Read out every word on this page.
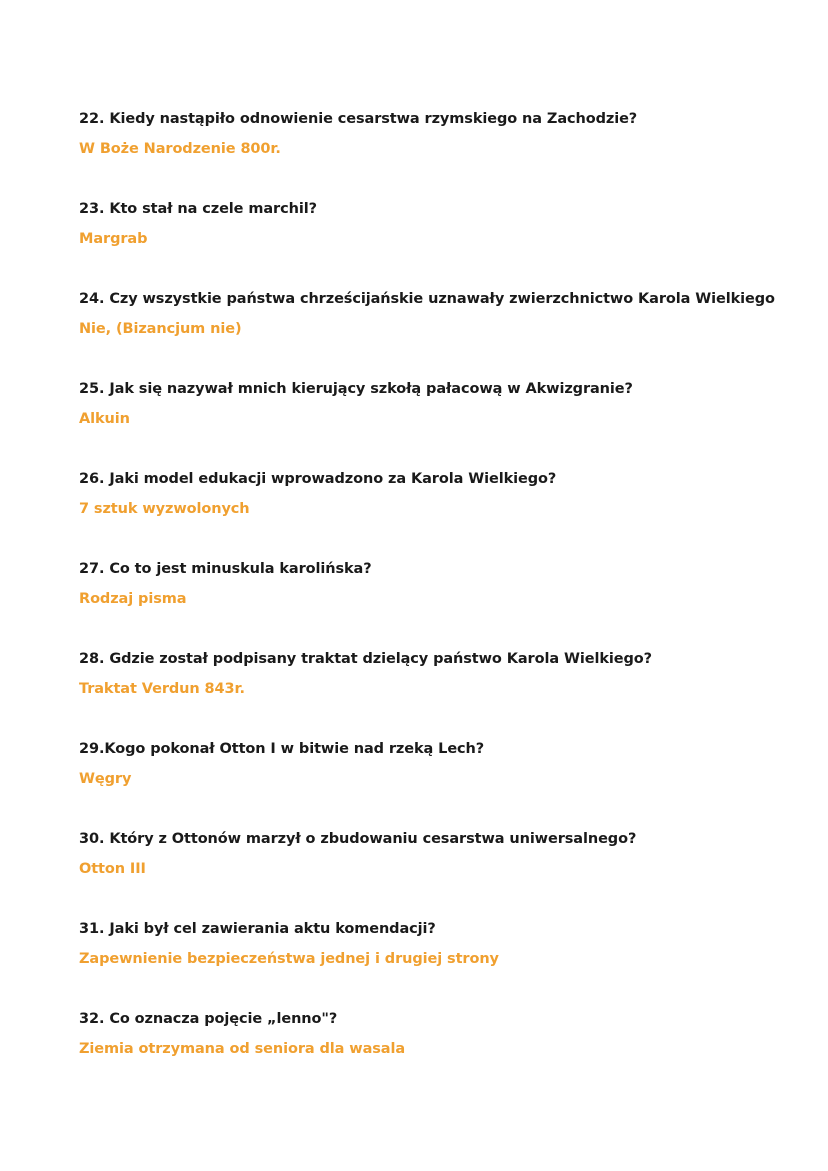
22. Kiedy nastąpiło odnowienie cesarstwa rzymskiego na Zachodzie?
W Boże Narodzenie 800r.
23. Kto stał na czele marchil?
Margrab
24. Czy wszystkie państwa chrześcijańskie uznawały zwierzchnictwo Karola Wielkiego
Nie, (Bizancjum nie)
25. Jak się nazywał mnich kierujący szkołą pałacową w Akwizgranie?
Alkuin
26. Jaki model edukacji wprowadzono za Karola Wielkiego?
7 sztuk wyzwolonych
27. Co to jest minuskula karolińska?
Rodzaj pisma
28. Gdzie został podpisany traktat dzielący państwo Karola Wielkiego?
Traktat Verdun 843r.
29.Kogo pokonał Otton I w bitwie nad rzeką Lech?
Węgry
30. Który z Ottonów marzył o zbudowaniu cesarstwa uniwersalnego?
Otton III
31. Jaki był cel zawierania aktu komendacji?
Zapewnienie bezpieczeństwa jednej i drugiej strony
32. Co oznacza pojęcie „lenno"?
Ziemia otrzymana od seniora dla wasala
